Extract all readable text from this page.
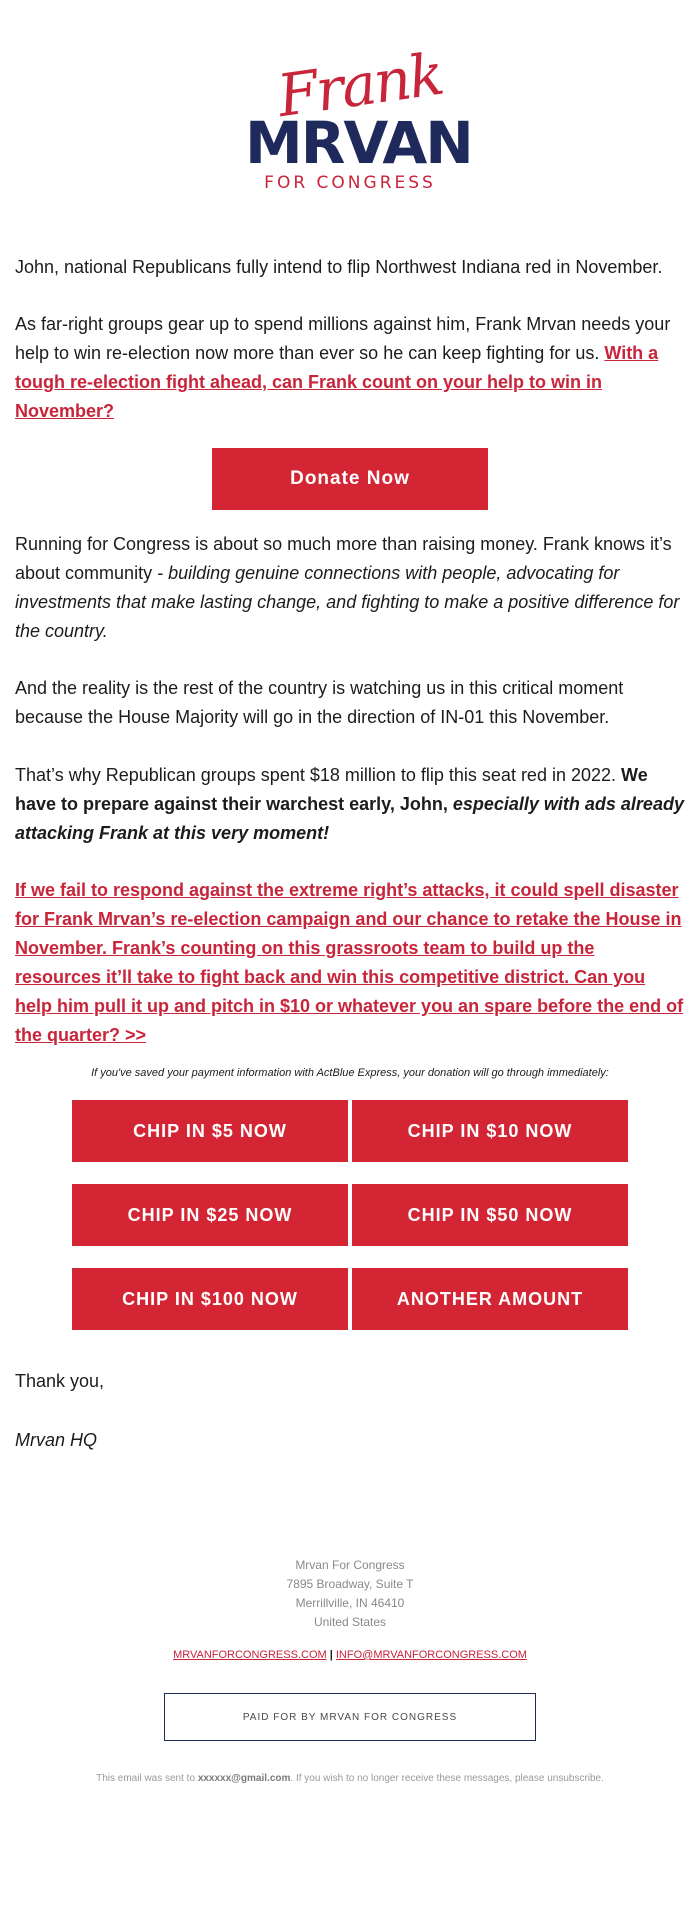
Frank
MRVAN
FOR CONGRESS

John, national Republicans fully intend to flip Northwest Indiana red in November.

As far-right groups gear up to spend millions against him, Frank Mrvan needs your help to win re-election now more than ever so he can keep fighting for us. With a tough re-election fight ahead, can Frank count on your help to win in November?

Donate Now

Running for Congress is about so much more than raising money. Frank knows it’s about community - building genuine connections with people, advocating for investments that make lasting change, and fighting to make a positive difference for the country.

And the reality is the rest of the country is watching us in this critical moment because the House Majority will go in the direction of IN-01 this November.

That’s why Republican groups spent $18 million to flip this seat red in 2022. We have to prepare against their warchest early, John, especially with ads already attacking Frank at this very moment!

If we fail to respond against the extreme right’s attacks, it could spell disaster for Frank Mrvan’s re-election campaign and our chance to retake the House in November. Frank’s counting on this grassroots team to build up the resources it’ll take to fight back and win this competitive district. Can you help him pull it up and pitch in $10 or whatever you an spare before the end of the quarter? >>

If you've saved your payment information with ActBlue Express, your donation will go through immediately:
CHIP IN $5 NOW	CHIP IN $10 NOW
CHIP IN $25 NOW	CHIP IN $50 NOW
CHIP IN $100 NOW	ANOTHER AMOUNT

Thank you,

Mrvan HQ

Mrvan For Congress
7895 Broadway, Suite T
Merrillville, IN 46410
United States
MRVANFORCONGRESS.COM | INFO@MRVANFORCONGRESS.COM
PAID FOR BY MRVAN FOR CONGRESS
This email was sent to xxxxxx@gmail.com. If you wish to no longer receive these messages, please unsubscribe.
